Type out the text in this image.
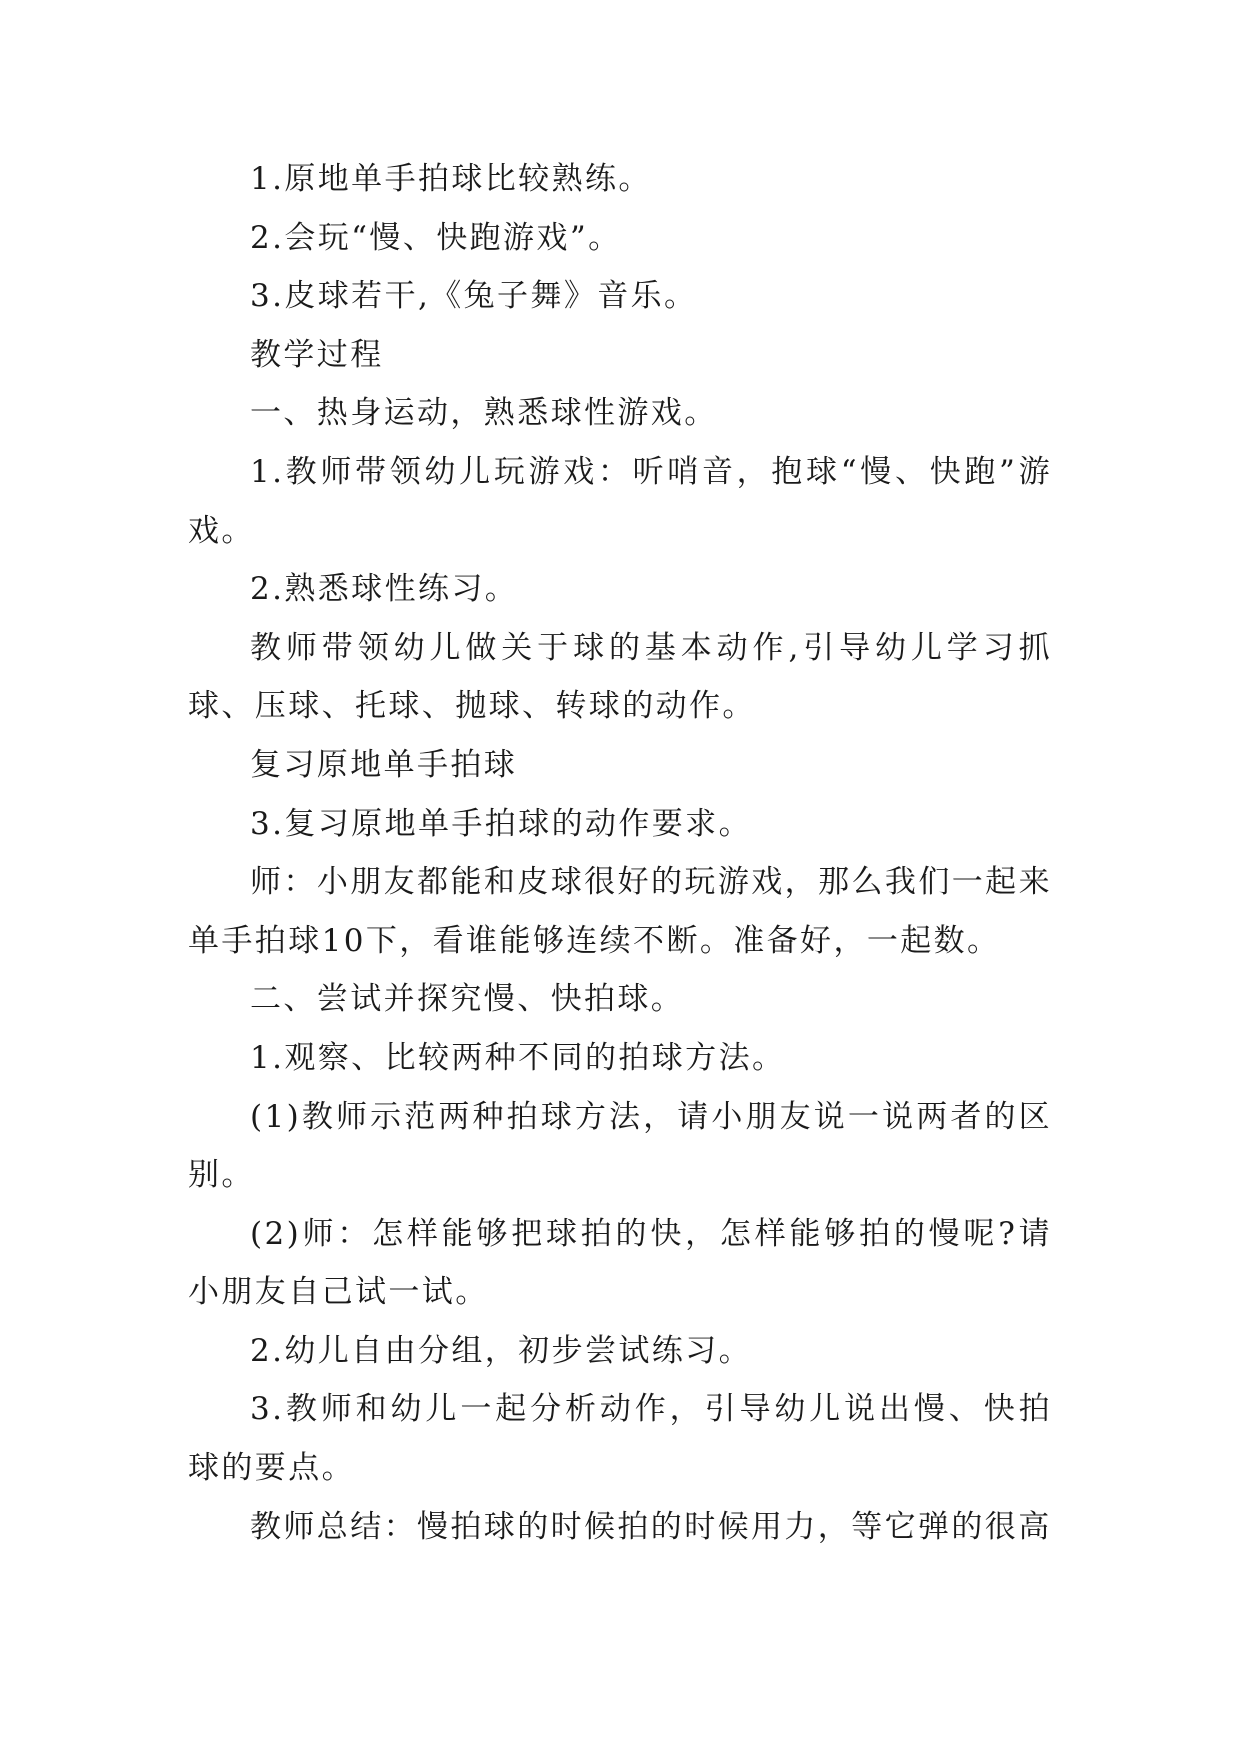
1.原地单手拍球比较熟练。

2.会玩“慢、快跑游戏”。

3.皮球若干,《兔子舞》音乐。

教学过程

一、热身运动，熟悉球性游戏。

1.教师带领幼儿玩游戏：听哨音，抱球“慢、快跑”游戏。

2.熟悉球性练习。

教师带领幼儿做关于球的基本动作,引导幼儿学习抓球、压球、托球、抛球、转球的动作。

复习原地单手拍球

3.复习原地单手拍球的动作要求。

师：小朋友都能和皮球很好的玩游戏，那么我们一起来单手拍球10下，看谁能够连续不断。准备好，一起数。

二、尝试并探究慢、快拍球。

1.观察、比较两种不同的拍球方法。

(1)教师示范两种拍球方法，请小朋友说一说两者的区别。

(2)师：怎样能够把球拍的快，怎样能够拍的慢呢?请小朋友自己试一试。

2.幼儿自由分组，初步尝试练习。

3.教师和幼儿一起分析动作，引导幼儿说出慢、快拍球的要点。

教师总结：慢拍球的时候拍的时候用力，等它弹的很高
